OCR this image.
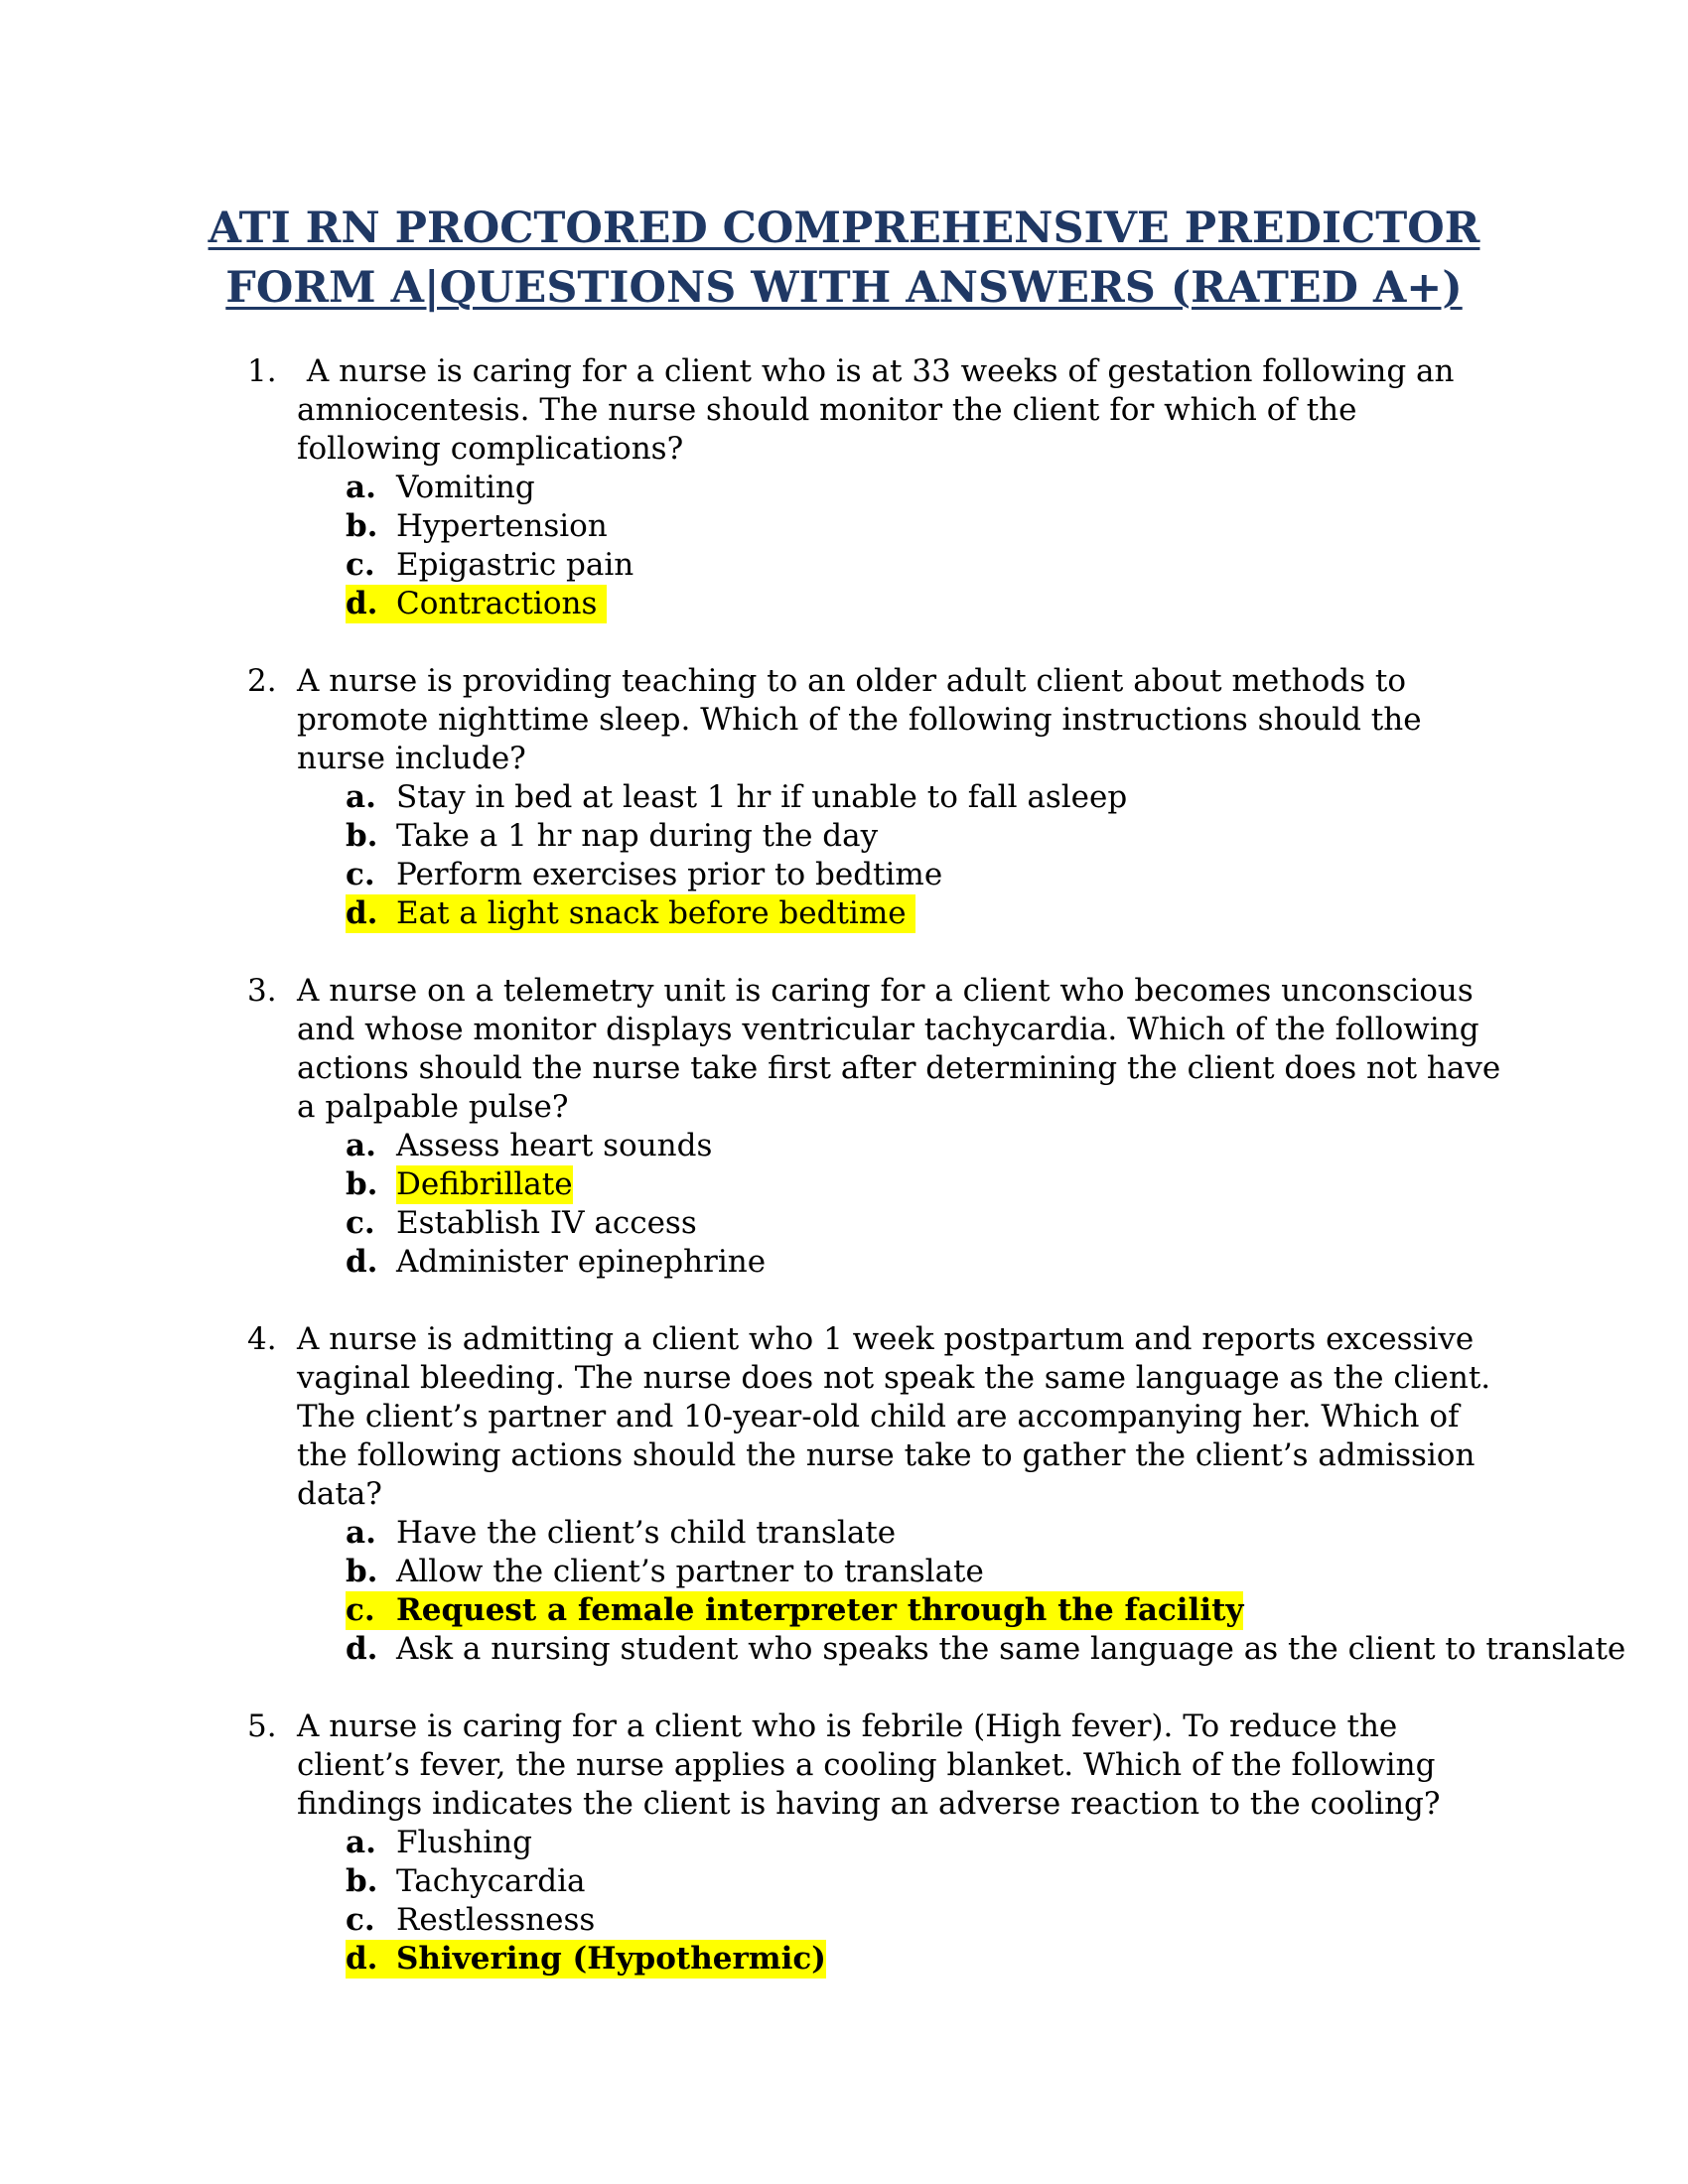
ATI RN PROCTORED COMPREHENSIVE PREDICTOR FORM A|QUESTIONS WITH ANSWERS (RATED A+)
1. A nurse is caring for a client who is at 33 weeks of gestation following an amniocentesis. The nurse should monitor the client for which of the following complications?
a. Vomiting
b. Hypertension
c. Epigastric pain
d. Contractions
2. A nurse is providing teaching to an older adult client about methods to promote nighttime sleep. Which of the following instructions should the nurse include?
a. Stay in bed at least 1 hr if unable to fall asleep
b. Take a 1 hr nap during the day
c. Perform exercises prior to bedtime
d. Eat a light snack before bedtime
3. A nurse on a telemetry unit is caring for a client who becomes unconscious and whose monitor displays ventricular tachycardia. Which of the following actions should the nurse take first after determining the client does not have a palpable pulse?
a. Assess heart sounds
b. Defibrillate
c. Establish IV access
d. Administer epinephrine
4. A nurse is admitting a client who 1 week postpartum and reports excessive vaginal bleeding. The nurse does not speak the same language as the client. The client’s partner and 10-year-old child are accompanying her. Which of the following actions should the nurse take to gather the client’s admission data?
a. Have the client’s child translate
b. Allow the client’s partner to translate
c. Request a female interpreter through the facility
d. Ask a nursing student who speaks the same language as the client to translate
5. A nurse is caring for a client who is febrile (High fever). To reduce the client’s fever, the nurse applies a cooling blanket. Which of the following findings indicates the client is having an adverse reaction to the cooling?
a. Flushing
b. Tachycardia
c. Restlessness
d. Shivering (Hypothermic)
